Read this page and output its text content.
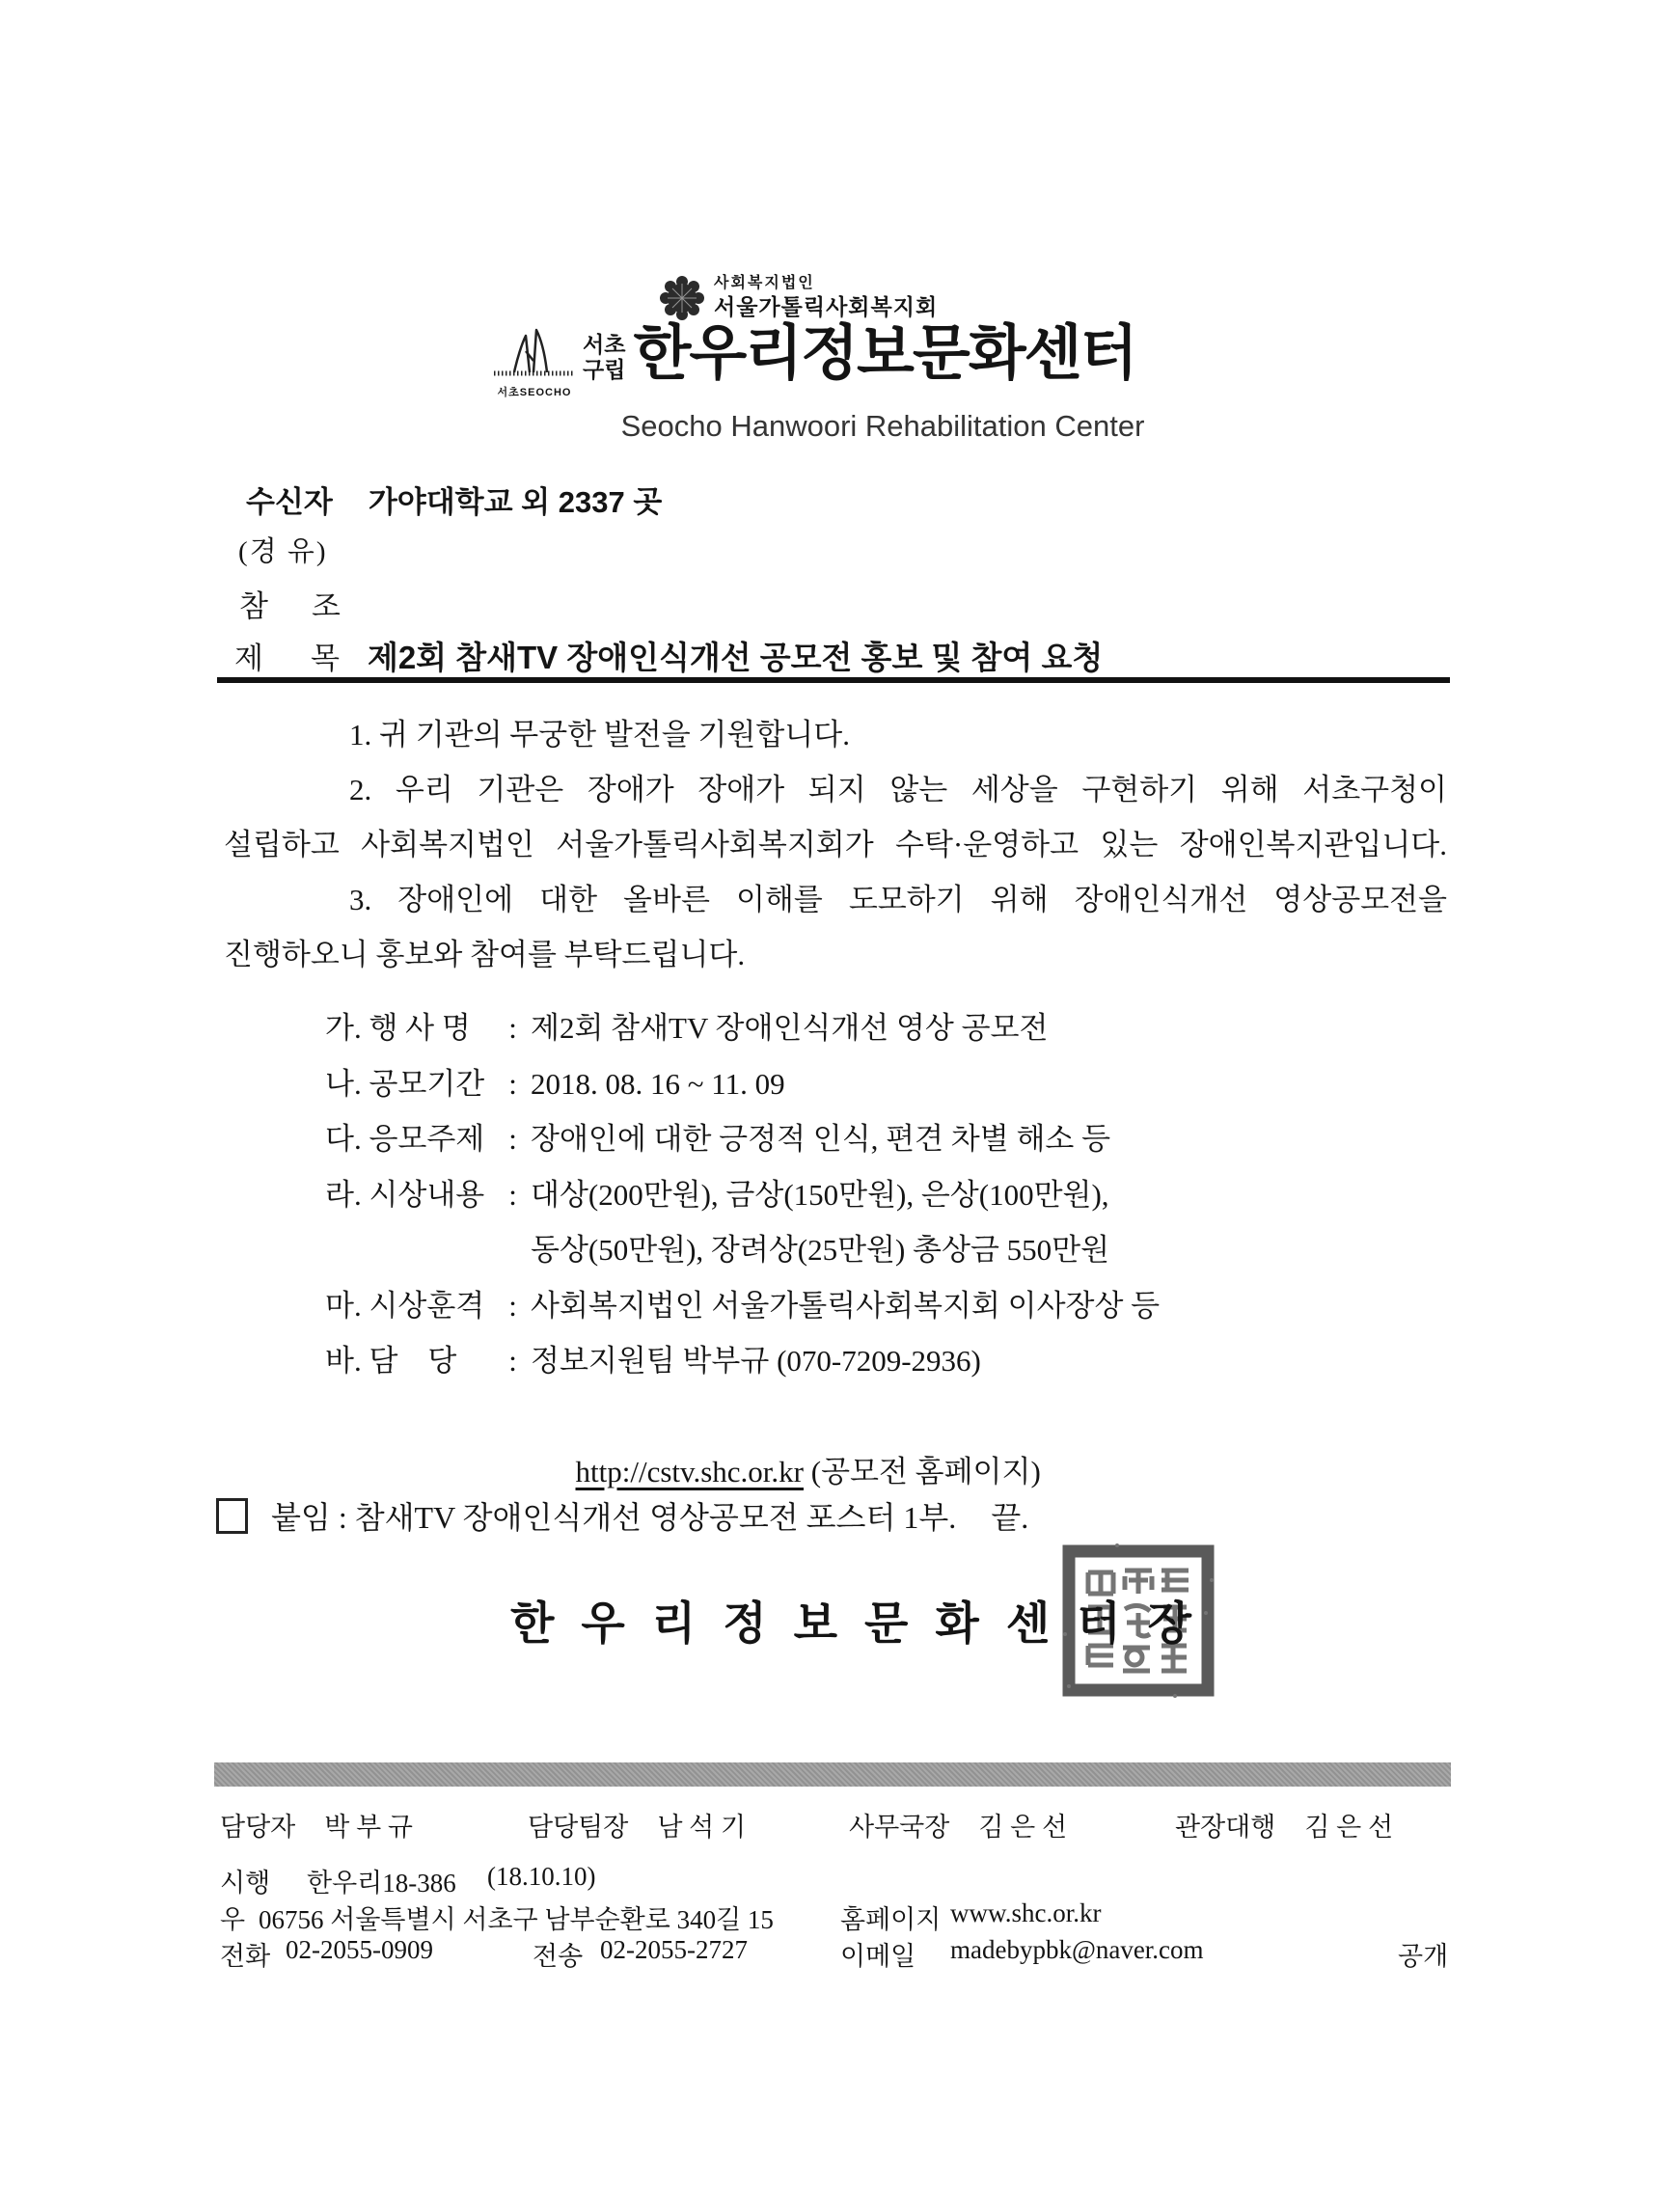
사회복지법인
서울가톨릭사회복지회
서초SEOCHO
서초
구립 한우리정보문화센터
Seocho Hanwoori Rehabilitation Center
수신자 가야대학교 외 2337 곳
(경 유)
참 조
제 목 제2회 참새TV 장애인식개선 공모전 홍보 및 참여 요청
1. 귀 기관의 무궁한 발전을 기원합니다.
2. 우리 기관은 장애가 장애가 되지 않는 세상을 구현하기 위해 서초구청이
설립하고 사회복지법인 서울가톨릭사회복지회가 수탁·운영하고 있는 장애인복지관입니다.
3. 장애인에 대한 올바른 이해를 도모하기 위해 장애인식개선 영상공모전을
진행하오니 홍보와 참여를 부탁드립니다.
가. 행 사 명	: 제2회 참새TV 장애인식개선 영상 공모전
나. 공모기간 : 2018. 08. 16 ~ 11. 09
다. 응모주제 : 장애인에 대한 긍정적 인식, 편견 차별 해소 등
라. 시상내용 : 대상(200만원), 금상(150만원), 은상(100만원),
동상(50만원), 장려상(25만원) 총상금 550만원
마. 시상훈격 : 사회복지법인 서울가톨릭사회복지회 이사장상 등
바. 담    당	: 정보지원팀 박부규 (070-7209-2936)

http://cstv.shc.or.kr (공모전 홈페이지)

붙임 : 참새TV 장애인식개선 영상공모전 포스터 1부. 끝.
한우리정보문화센터장
담당자 박 부 규	담당팀장 남 석 기	사무국장 김 은 선	관장대행 김 은 선
시행 한우리18-386 (18.10.10)
우 06756 서울특별시 서초구 남부순환로 340길 15	홈페이지 www.shc.or.kr
전화 02-2055-0909	전송 02-2055-2727	이메일 madebypbk@naver.com	공개
